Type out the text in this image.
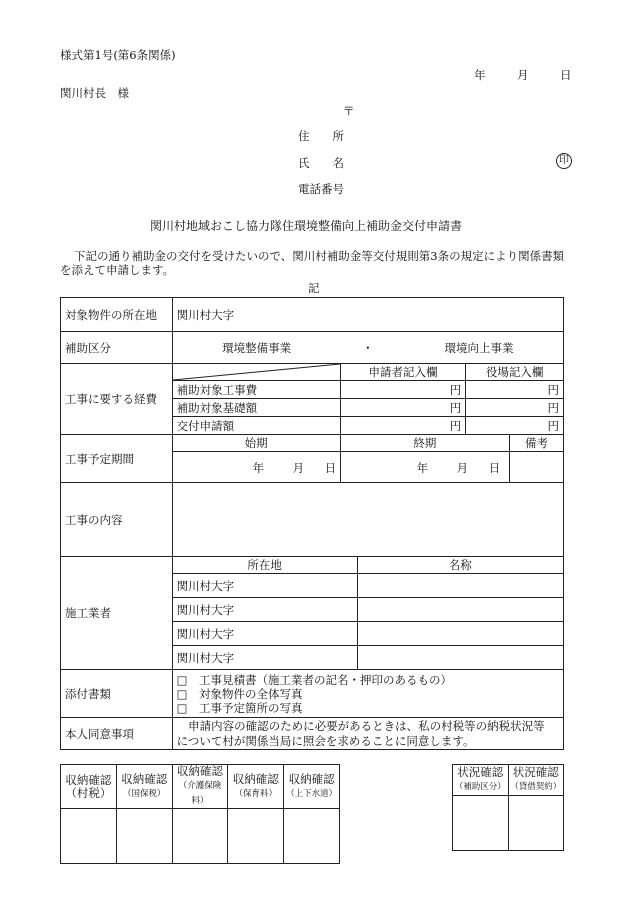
様式第1号(第6条関係)
年	月	日
関川村長　様
〒
住　　所
氏　　名	印
電話番号
関川村地域おこし協力隊住環境整備向上補助金交付申請書
下記の通り補助金の交付を受けたいので、関川村補助金等交付規則第3条の規定により関係書類
を添えて申請します。
記
対象物件の所在地	関川村大字				
補助区分	環境整備事業 ・ 環境向上事業				

工事に要する経費		申請者記入欄		役場記入欄	
	補助対象工事費	円		円	
	補助対象基礎額	円		円	
	交付申請額	円		円	
工事予定期間	始期	終期			備考

	年 月 日	年 月 日			

工事の内容					
施工業者	所在地		名称		
	関川村大字				
	関川村大字				
	関川村大字				
	関川村大字				
添付書類	□　工事見積書（施工業者の記名・押印のあるもの）
□　対象物件の全体写真
□　工事予定箇所の写真				

本人同意事項	　申請内容の確認のために必要があるときは、私の村税等の納税状況等
について村が関係当局に照会を求めることに同意します。				
収納確認
（村税）	収納確認
（国保税）	収納確認
（介護保険料）	収納確認
（保育料）	収納確認
（上下水道）

状況確認
（補助区分）	状況確認
（貸借契約）
